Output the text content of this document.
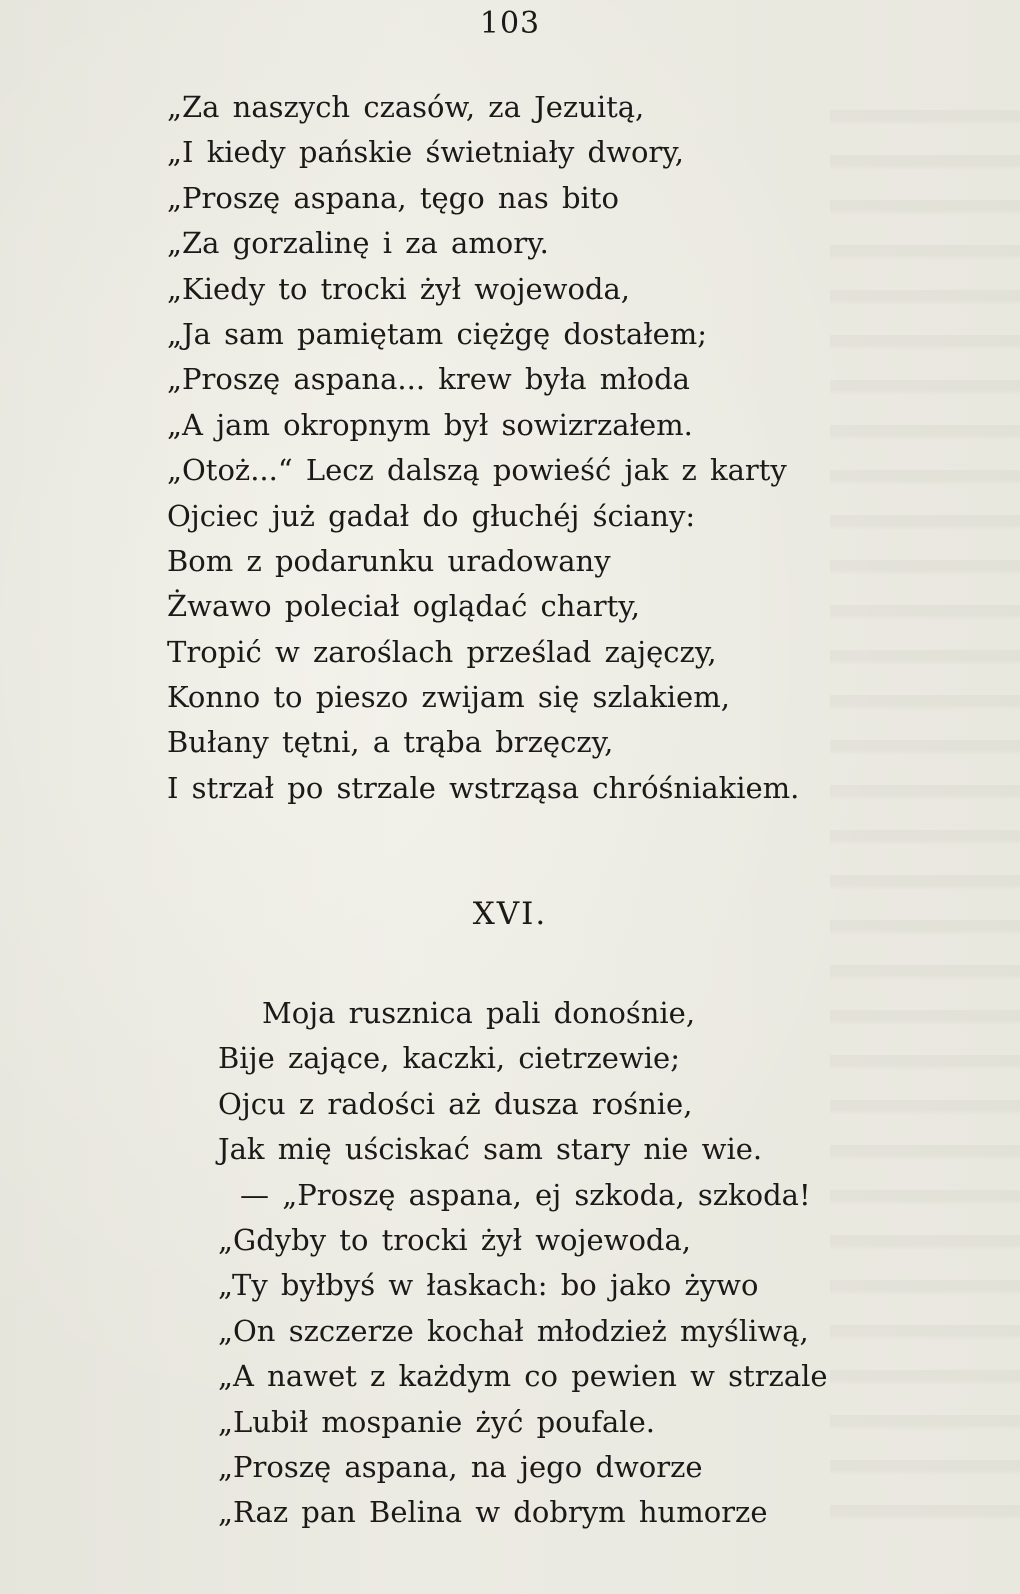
103
„Za naszych czasów, za Jezuitą,
„I kiedy pańskie świetniały dwory,
„Proszę aspana, tęgo nas bito
„Za gorzalinę i za amory.
„Kiedy to trocki żył wojewoda,
„Ja sam pamiętam ciężgę dostałem;
„Proszę aspana... krew była młoda
„A jam okropnym był sowizrzałem.
„Otoż...“ Lecz dalszą powieść jak z karty
Ojciec już gadał do głuchéj ściany:
Bom z podarunku uradowany
Żwawo poleciał oglądać charty,
Tropić w zaroślach prześlad zajęczy,
Konno to pieszo zwijam się szlakiem,
Bułany tętni, a trąba brzęczy,
I strzał po strzale wstrząsa chróśniakiem.
XVI.
Moja rusznica pali donośnie,
Bije zające, kaczki, cietrzewie;
Ojcu z radości aż dusza rośnie,
Jak mię uściskać sam stary nie wie.
— „Proszę aspana, ej szkoda, szkoda!
„Gdyby to trocki żył wojewoda,
„Ty byłbyś w łaskach: bo jako żywo
„On szczerze kochał młodzież myśliwą,
„A nawet z każdym co pewien w strzale
„Lubił mospanie żyć poufale.
„Proszę aspana, na jego dworze
„Raz pan Belina w dobrym humorze
